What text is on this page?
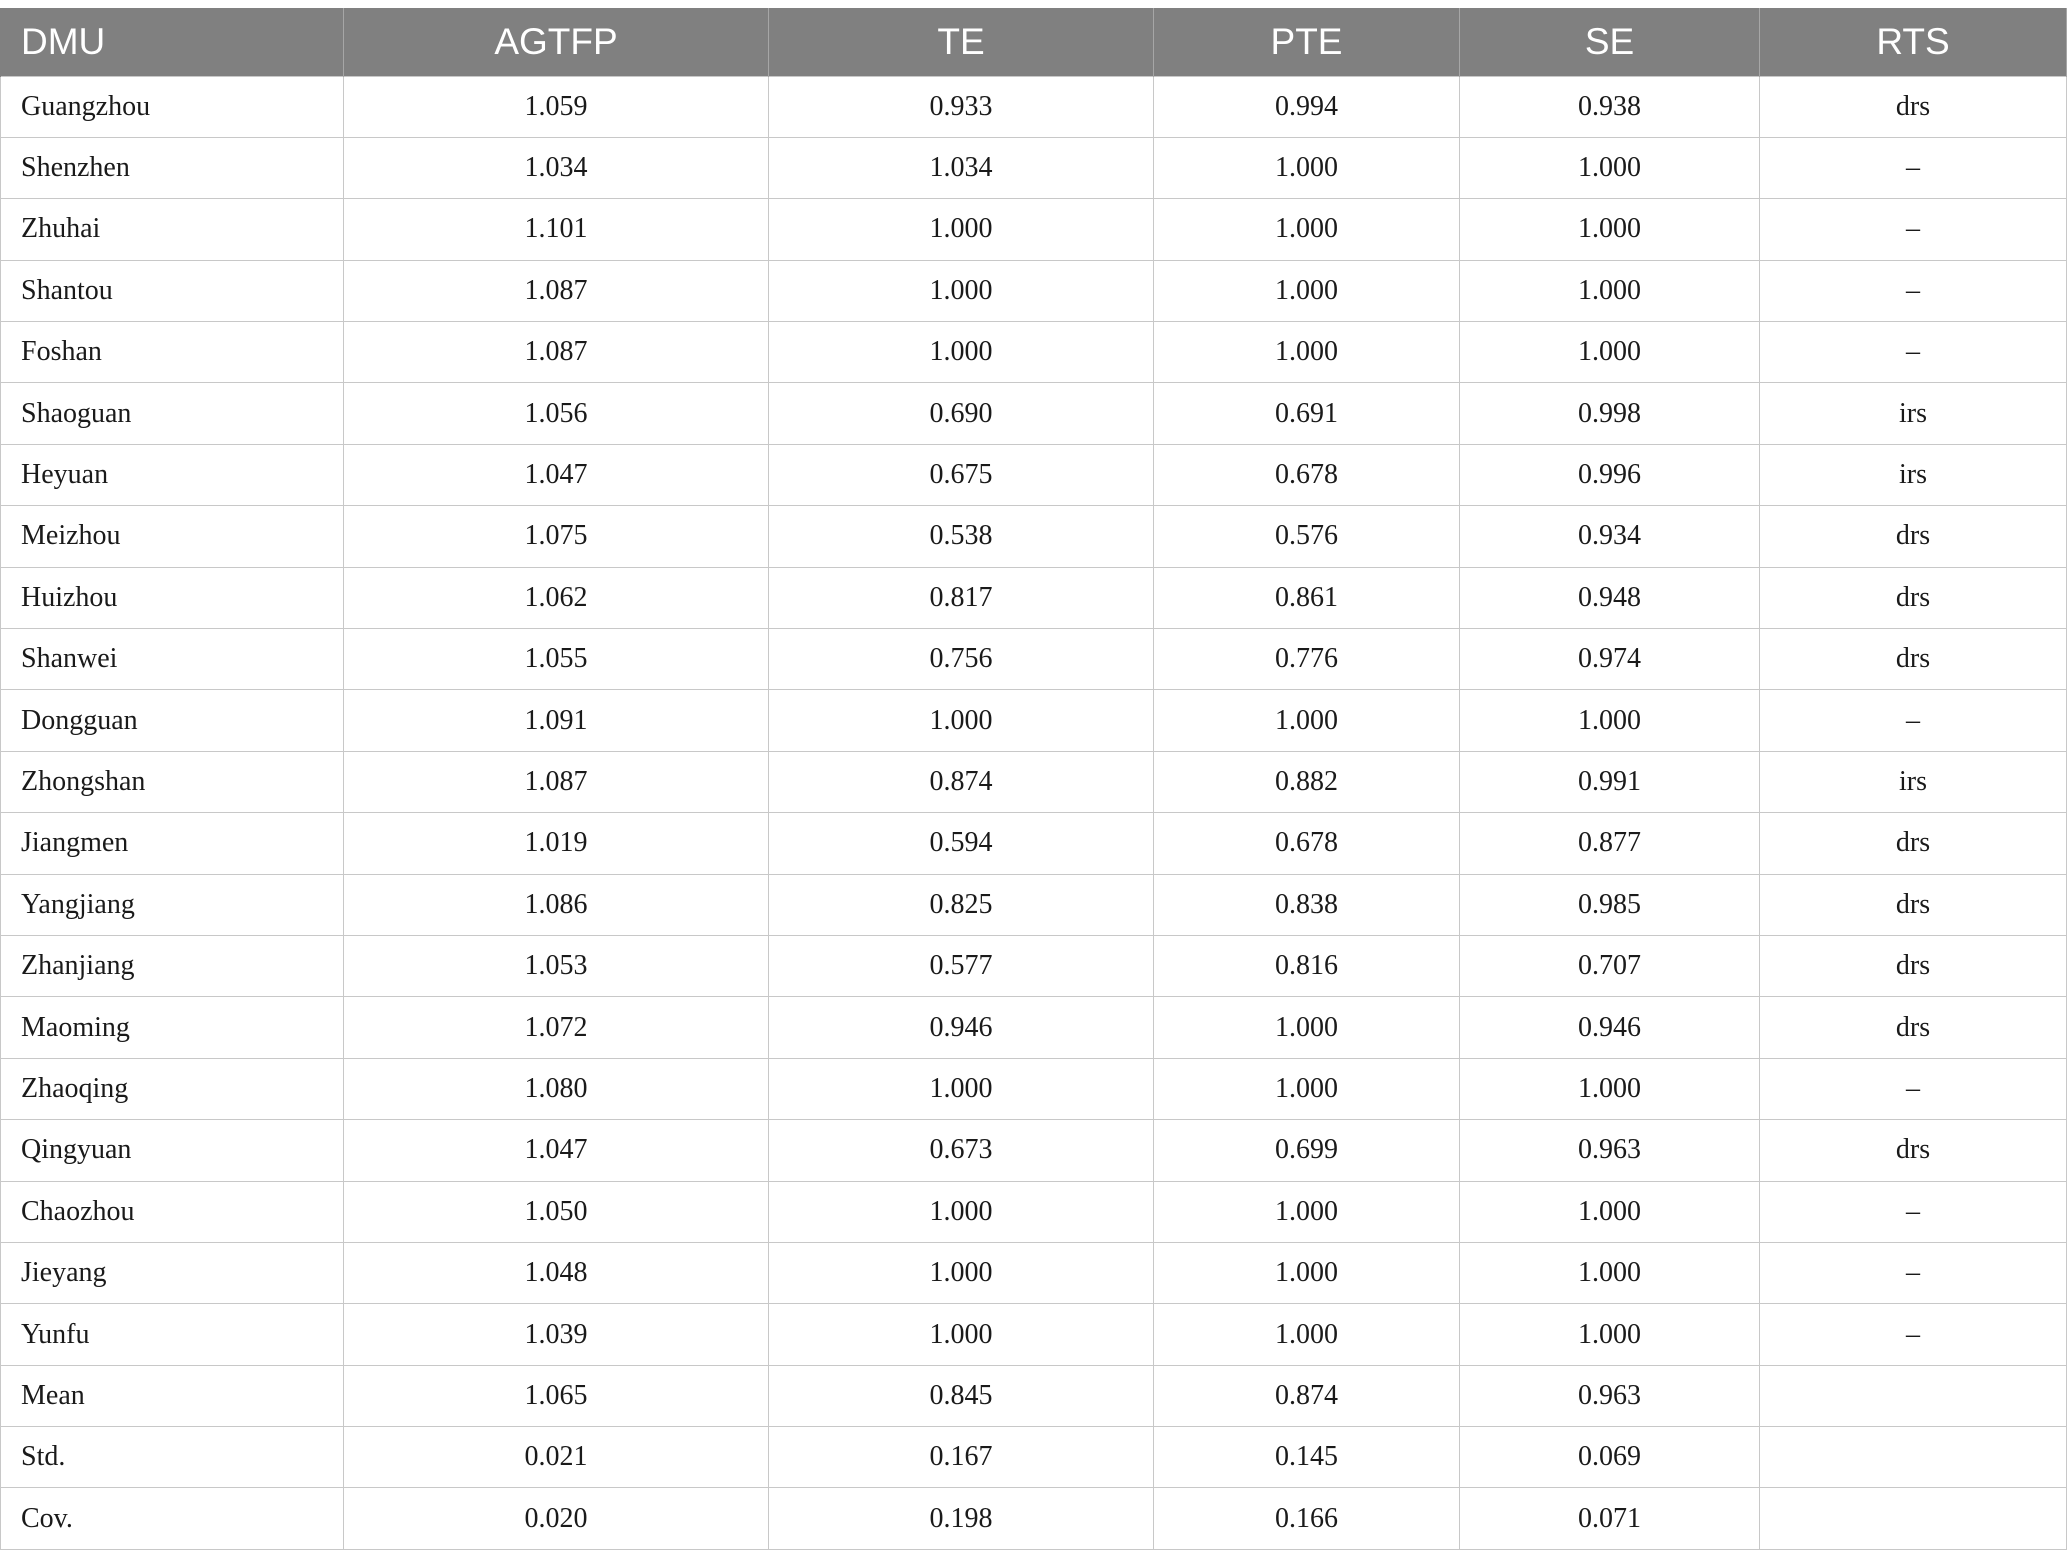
DMU	AGTFP	TE	PTE	SE	RTS
Guangzhou	1.059	0.933	0.994	0.938	drs
Shenzhen	1.034	1.034	1.000	1.000	–
Zhuhai	1.101	1.000	1.000	1.000	–
Shantou	1.087	1.000	1.000	1.000	–
Foshan	1.087	1.000	1.000	1.000	–
Shaoguan	1.056	0.690	0.691	0.998	irs
Heyuan	1.047	0.675	0.678	0.996	irs
Meizhou	1.075	0.538	0.576	0.934	drs
Huizhou	1.062	0.817	0.861	0.948	drs
Shanwei	1.055	0.756	0.776	0.974	drs
Dongguan	1.091	1.000	1.000	1.000	–
Zhongshan	1.087	0.874	0.882	0.991	irs
Jiangmen	1.019	0.594	0.678	0.877	drs
Yangjiang	1.086	0.825	0.838	0.985	drs
Zhanjiang	1.053	0.577	0.816	0.707	drs
Maoming	1.072	0.946	1.000	0.946	drs
Zhaoqing	1.080	1.000	1.000	1.000	–
Qingyuan	1.047	0.673	0.699	0.963	drs
Chaozhou	1.050	1.000	1.000	1.000	–
Jieyang	1.048	1.000	1.000	1.000	–
Yunfu	1.039	1.000	1.000	1.000	–
Mean	1.065	0.845	0.874	0.963	
Std.	0.021	0.167	0.145	0.069	
Cov.	0.020	0.198	0.166	0.071	
